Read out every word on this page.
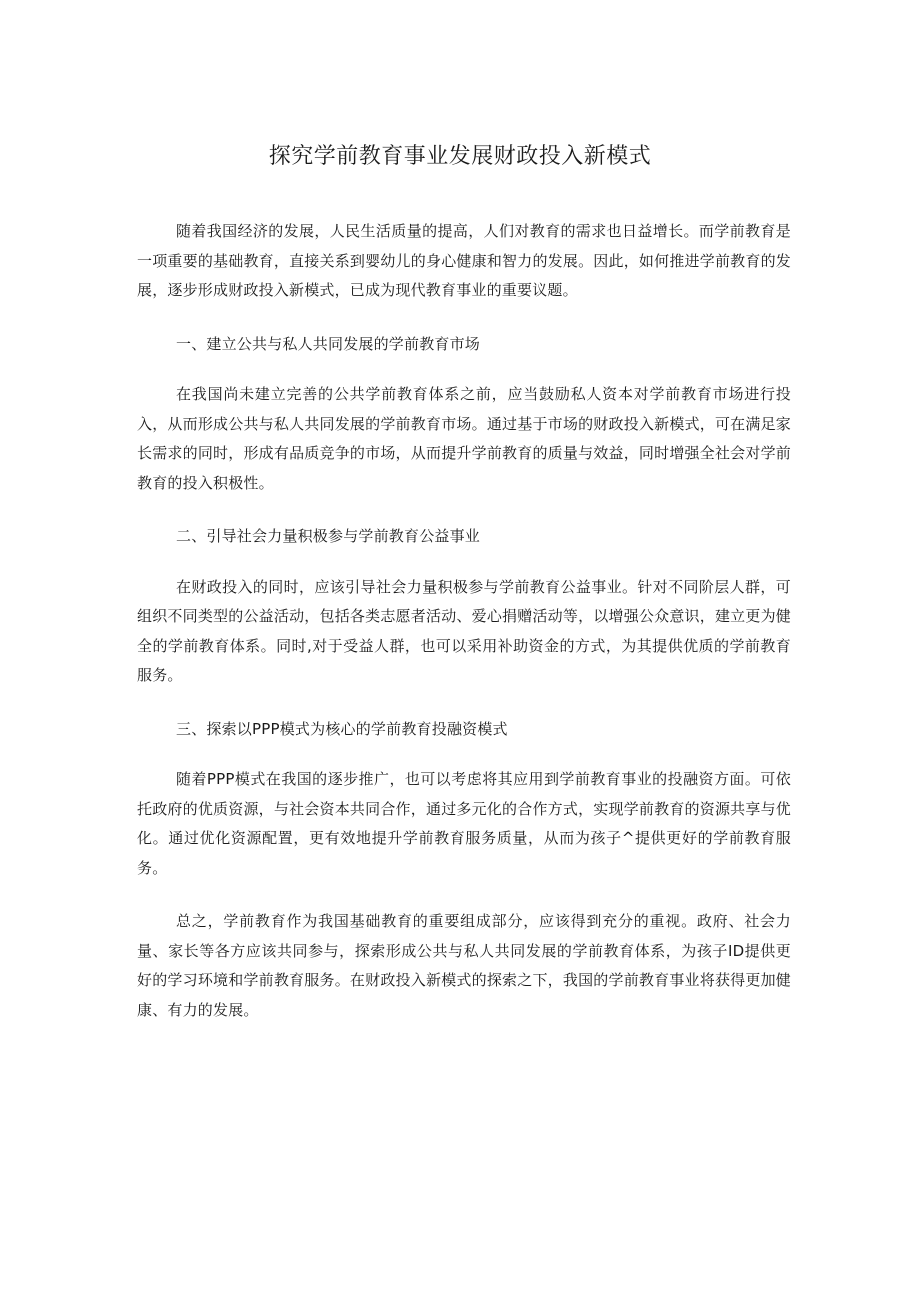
探究学前教育事业发展财政投入新模式

随着我国经济的发展，人民生活质量的提高，人们对教育的需求也日益增长。而学前教育是一项重要的基础教育，直接关系到婴幼儿的身心健康和智力的发展。因此，如何推进学前教育的发展，逐步形成财政投入新模式，已成为现代教育事业的重要议题。

一、建立公共与私人共同发展的学前教育市场

在我国尚未建立完善的公共学前教育体系之前，应当鼓励私人资本对学前教育市场进行投入，从而形成公共与私人共同发展的学前教育市场。通过基于市场的财政投入新模式，可在满足家长需求的同时，形成有品质竞争的市场，从而提升学前教育的质量与效益，同时增强全社会对学前教育的投入积极性。

二、引导社会力量积极参与学前教育公益事业

在财政投入的同时，应该引导社会力量积极参与学前教育公益事业。针对不同阶层人群，可组织不同类型的公益活动，包括各类志愿者活动、爱心捐赠活动等，以增强公众意识，建立更为健全的学前教育体系。同时,对于受益人群，也可以采用补助资金的方式，为其提供优质的学前教育服务。

三、探索以PPP模式为核心的学前教育投融资模式

随着PPP模式在我国的逐步推广，也可以考虑将其应用到学前教育事业的投融资方面。可依托政府的优质资源，与社会资本共同合作，通过多元化的合作方式，实现学前教育的资源共享与优化。通过优化资源配置，更有效地提升学前教育服务质量，从而为孩子^提供更好的学前教育服务。

总之，学前教育作为我国基础教育的重要组成部分，应该得到充分的重视。政府、社会力量、家长等各方应该共同参与，探索形成公共与私人共同发展的学前教育体系，为孩子ID提供更好的学习环境和学前教育服务。在财政投入新模式的探索之下，我国的学前教育事业将获得更加健康、有力的发展。
